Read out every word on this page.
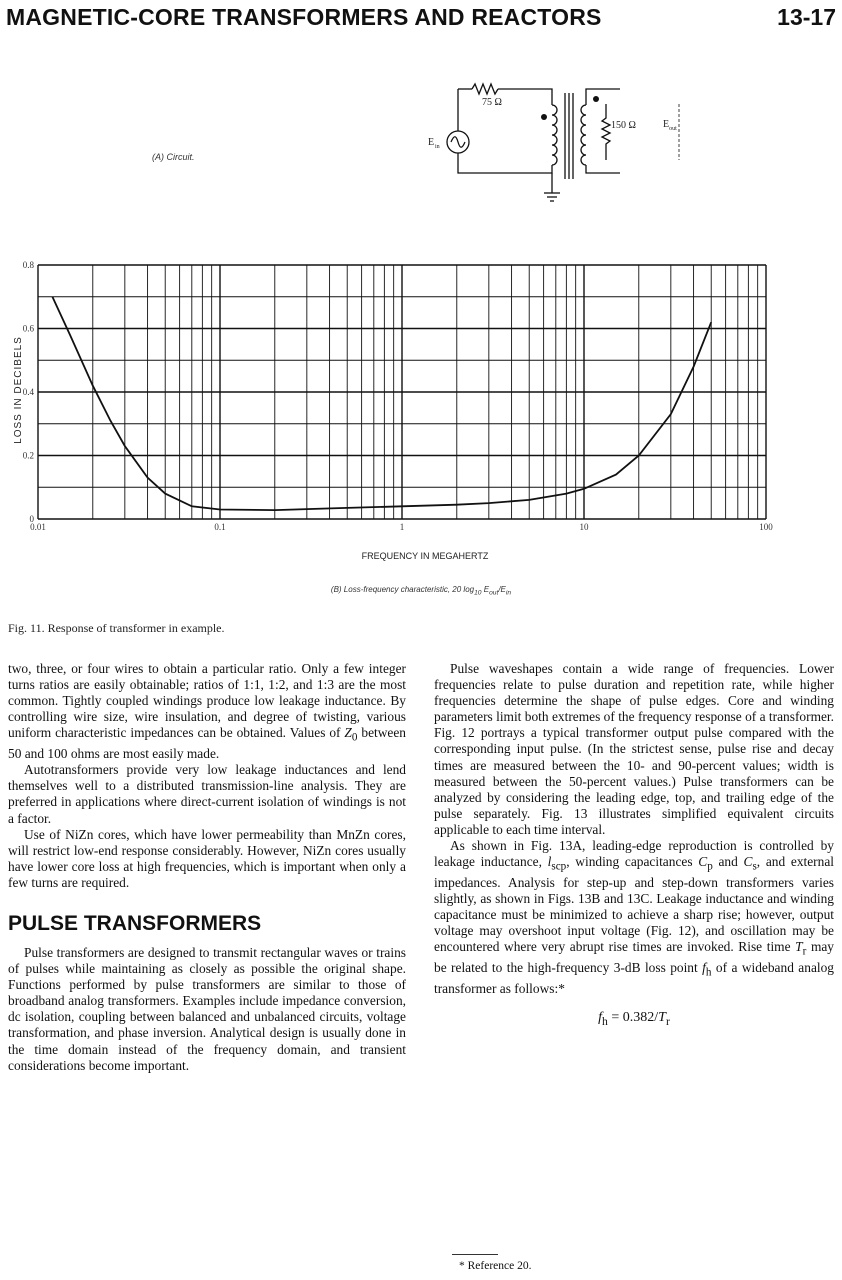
MAGNETIC-CORE TRANSFORMERS AND REACTORS	13-17
(A) Circuit.
75 Ω
E in
0.01	0.1	1	10	100
0
0.2
0.4
0.6
0.8
LOSS IN DECIBELS
FREQUENCY IN MEGAHERTZ
150 Ω	$E_{out}$
(B) Loss-frequency characteristic, 20 $\log_{10} E_{out}/E_{in}$
Fig. 11. Response of transformer in example.

two, three, or four wires to obtain a particular ratio. Only a few integer turns ratios are easily obtainable; ratios of 1:1, 1:2, and 1:3 are the most common. Tightly coupled windings produce low leakage inductance. By controlling wire size, wire insulation, and degree of twisting, various uniform characteristic impedances can be obtained. Values of $Z_0$ between 50 and 100 ohms are most easily made.

Autotransformers provide very low leakage inductances and lend themselves well to a distributed transmission-line analysis. They are preferred in applications where direct-current isolation of windings is not a factor.

Use of NiZn cores, which have lower permeability than MnZn cores, will restrict low-end response considerably. However, NiZn cores usually have lower core loss at high frequencies, which is important when only a few turns are required.

PULSE TRANSFORMERS

Pulse transformers are designed to transmit rectangular waves or trains of pulses while maintaining as closely as possible the original shape. Functions performed by pulse transformers are similar to those of broadband analog transformers. Examples include impedance conversion, dc isolation, coupling between balanced and unbalanced circuits, voltage transformation, and phase inversion. Analytical design is usually done in the time domain instead of the frequency domain, and transient considerations become important.

Pulse waveshapes contain a wide range of frequencies. Lower frequencies relate to pulse duration and repetition rate, while higher frequencies determine the shape of pulse edges. Core and winding parameters limit both extremes of the frequency response of a transformer. Fig. 12 portrays a typical transformer output pulse compared with the corresponding input pulse. (In the strictest sense, pulse rise and decay times are measured between the 10- and 90-percent values; width is measured between the 50-percent values.) Pulse transformers can be analyzed by considering the leading edge, top, and trailing edge of the pulse separately. Fig. 13 illustrates simplified equivalent circuits applicable to each time interval.

As shown in Fig. 13A, leading-edge reproduction is controlled by leakage inductance, $l_{scp}$, winding capacitances $C_p$ and $C_s$, and external impedances. Analysis for step-up and step-down transformers varies slightly, as shown in Figs. 13B and 13C. Leakage inductance and winding capacitance must be minimized to achieve a sharp rise; however, output voltage may overshoot input voltage (Fig. 12), and oscillation may be encountered where very abrupt rise times are invoked. Rise time $T_r$ may be related to the high-frequency 3-dB loss point $f_h$ of a wideband analog transformer as follows:*

$f_h = 0.382/T_r$
* Reference 20.
